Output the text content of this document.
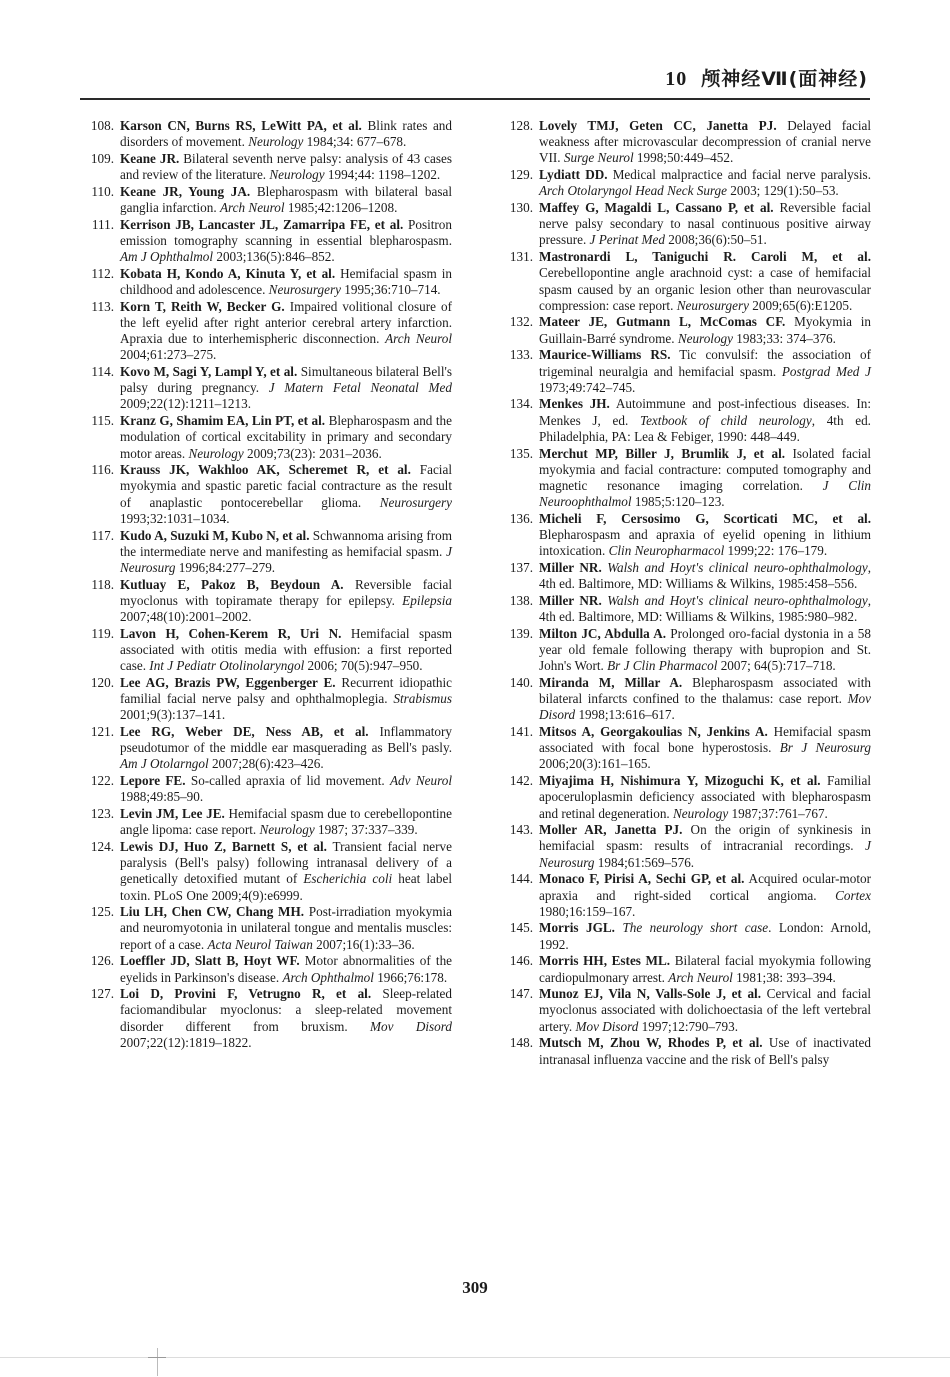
10 颅神经Ⅶ(面神经)
108. Karson CN, Burns RS, LeWitt PA, et al. Blink rates and disorders of movement. Neurology 1984;34: 677–678.
109. Keane JR. Bilateral seventh nerve palsy: analysis of 43 cases and review of the literature. Neurology 1994;44: 1198–1202.
110. Keane JR, Young JA. Blepharospasm with bilateral basal ganglia infarction. Arch Neurol 1985;42:1206–1208.
111. Kerrison JB, Lancaster JL, Zamarripa FE, et al. Positron emission tomography scanning in essential blepharospasm. Am J Ophthalmol 2003;136(5):846–852.
112. Kobata H, Kondo A, Kinuta Y, et al. Hemifacial spasm in childhood and adolescence. Neurosurgery 1995;36:710–714.
113. Korn T, Reith W, Becker G. Impaired volitional closure of the left eyelid after right anterior cerebral artery infarction. Apraxia due to interhemispheric disconnection. Arch Neurol 2004;61:273–275.
114. Kovo M, Sagi Y, Lampl Y, et al. Simultaneous bilateral Bell's palsy during pregnancy. J Matern Fetal Neonatal Med 2009;22(12):1211–1213.
115. Kranz G, Shamim EA, Lin PT, et al. Blepharospasm and the modulation of cortical excitability in primary and secondary motor areas. Neurology 2009;73(23): 2031–2036.
116. Krauss JK, Wakhloo AK, Scheremet R, et al. Facial myokymia and spastic paretic facial contracture as the result of anaplastic pontocerebellar glioma. Neurosurgery 1993;32:1031–1034.
117. Kudo A, Suzuki M, Kubo N, et al. Schwannoma arising from the intermediate nerve and manifesting as hemifacial spasm. J Neurosurg 1996;84:277–279.
118. Kutluay E, Pakoz B, Beydoun A. Reversible facial myoclonus with topiramate therapy for epilepsy. Epilepsia 2007;48(10):2001–2002.
119. Lavon H, Cohen-Kerem R, Uri N. Hemifacial spasm associated with otitis media with effusion: a first reported case. Int J Pediatr Otolinolaryngol 2006; 70(5):947–950.
120. Lee AG, Brazis PW, Eggenberger E. Recurrent idiopathic familial facial nerve palsy and ophthalmoplegia. Strabismus 2001;9(3):137–141.
121. Lee RG, Weber DE, Ness AB, et al. Inflammatory pseudotumor of the middle ear masquerading as Bell's pasly. Am J Otolarngol 2007;28(6):423–426.
122. Lepore FE. So-called apraxia of lid movement. Adv Neurol 1988;49:85–90.
123. Levin JM, Lee JE. Hemifacial spasm due to cerebellopontine angle lipoma: case report. Neurology 1987; 37:337–339.
124. Lewis DJ, Huo Z, Barnett S, et al. Transient facial nerve paralysis (Bell's palsy) following intranasal delivery of a genetically detoxified mutant of Escherichia coli heat label toxin. PLoS One 2009;4(9):e6999.
125. Liu LH, Chen CW, Chang MH. Post-irradiation myokymia and neuromyotonia in unilateral tongue and mentalis muscles: report of a case. Acta Neurol Taiwan 2007;16(1):33–36.
126. Loeffler JD, Slatt B, Hoyt WF. Motor abnormalities of the eyelids in Parkinson's disease. Arch Ophthalmol 1966;76:178.
127. Loi D, Provini F, Vetrugno R, et al. Sleep-related faciomandibular myoclonus: a sleep-related movement disorder different from bruxism. Mov Disord 2007;22(12):1819–1822.
128. Lovely TMJ, Geten CC, Janetta PJ. Delayed facial weakness after microvascular decompression of cranial nerve VII. Surge Neurol 1998;50:449–452.
129. Lydiatt DD. Medical malpractice and facial nerve paralysis. Arch Otolaryngol Head Neck Surge 2003; 129(1):50–53.
130. Maffey G, Magaldi L, Cassano P, et al. Reversible facial nerve palsy secondary to nasal continuous positive airway pressure. J Perinat Med 2008;36(6):50–51.
131. Mastronardi L, Taniguchi R. Caroli M, et al. Cerebellopontine angle arachnoid cyst: a case of hemifacial spasm caused by an organic lesion other than neurovascular compression: case report. Neurosurgery 2009;65(6):E1205.
132. Mateer JE, Gutmann L, McComas CF. Myokymia in Guillain-Barré syndrome. Neurology 1983;33: 374–376.
133. Maurice-Williams RS. Tic convulsif: the association of trigeminal neuralgia and hemifacial spasm. Postgrad Med J 1973;49:742–745.
134. Menkes JH. Autoimmune and post-infectious diseases. In: Menkes J, ed. Textbook of child neurology, 4th ed. Philadelphia, PA: Lea & Febiger, 1990: 448–449.
135. Merchut MP, Biller J, Brumlik J, et al. Isolated facial myokymia and facial contracture: computed tomography and magnetic resonance imaging correlation. J Clin Neuroophthalmol 1985;5:120–123.
136. Micheli F, Cersosimo G, Scorticati MC, et al. Blepharospasm and apraxia of eyelid opening in lithium intoxication. Clin Neuropharmacol 1999;22: 176–179.
137. Miller NR. Walsh and Hoyt's clinical neuro-ophthalmology, 4th ed. Baltimore, MD: Williams & Wilkins, 1985:458–556.
138. Miller NR. Walsh and Hoyt's clinical neuro-ophthalmology, 4th ed. Baltimore, MD: Williams & Wilkins, 1985:980–982.
139. Milton JC, Abdulla A. Prolonged oro-facial dystonia in a 58 year old female following therapy with bupropion and St. John's Wort. Br J Clin Pharmacol 2007; 64(5):717–718.
140. Miranda M, Millar A. Blepharospasm associated with bilateral infarcts confined to the thalamus: case report. Mov Disord 1998;13:616–617.
141. Mitsos A, Georgakoulias N, Jenkins A. Hemifacial spasm associated with focal bone hyperostosis. Br J Neurosurg 2006;20(3):161–165.
142. Miyajima H, Nishimura Y, Mizoguchi K, et al. Familial apoceruloplasmin deficiency associated with blepharospasm and retinal degeneration. Neurology 1987;37:761–767.
143. Moller AR, Janetta PJ. On the origin of synkinesis in hemifacial spasm: results of intracranial recordings. J Neurosurg 1984;61:569–576.
144. Monaco F, Pirisi A, Sechi GP, et al. Acquired ocular-motor apraxia and right-sided cortical angioma. Cortex 1980;16:159–167.
145. Morris JGL. The neurology short case. London: Arnold, 1992.
146. Morris HH, Estes ML. Bilateral facial myokymia following cardiopulmonary arrest. Arch Neurol 1981;38: 393–394.
147. Munoz EJ, Vila N, Valls-Sole J, et al. Cervical and facial myoclonus associated with dolichoectasia of the left vertebral artery. Mov Disord 1997;12:790–793.
148. Mutsch M, Zhou W, Rhodes P, et al. Use of inactivated intranasal influenza vaccine and the risk of Bell's palsy
309
